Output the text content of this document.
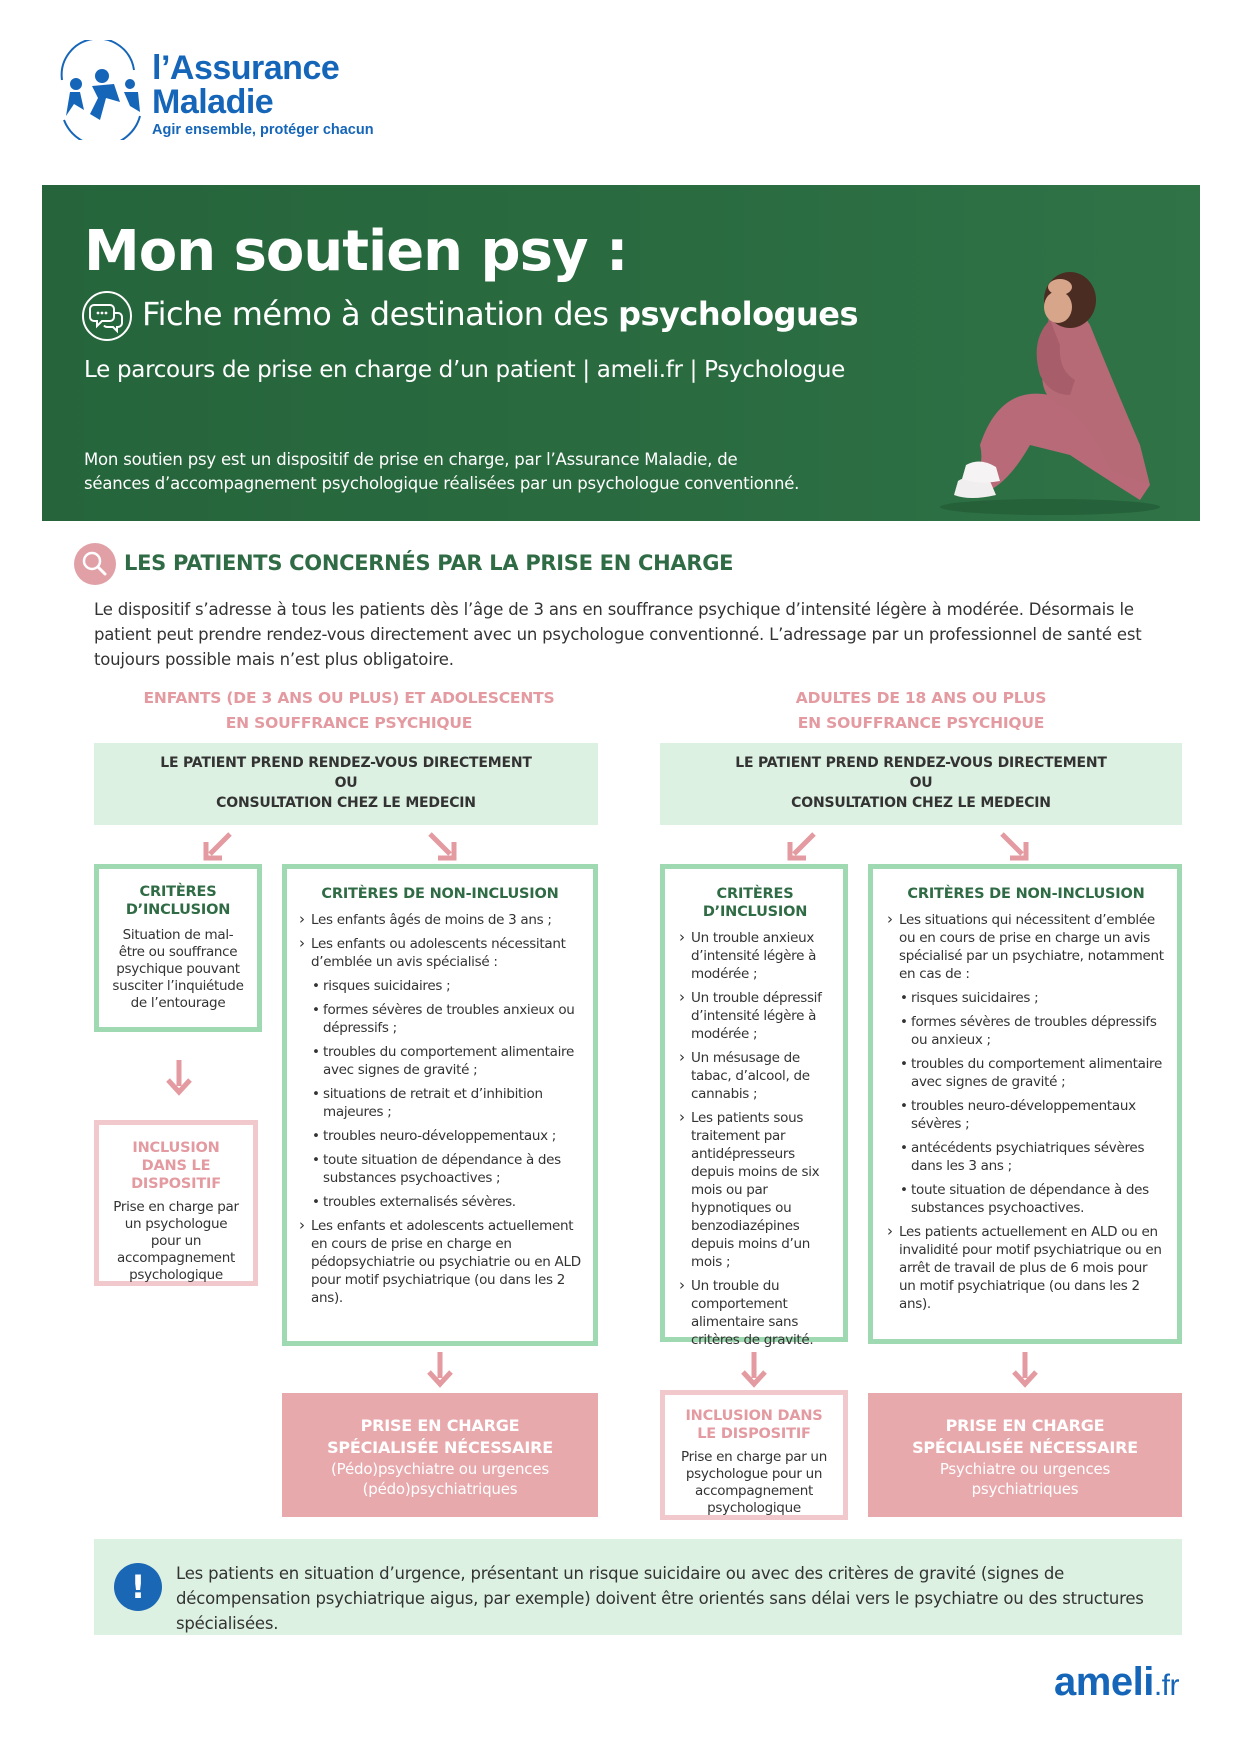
l’Assurance
Maladie
Agir ensemble, protéger chacun
Mon soutien psy :
Fiche mémo à destination des psychologues
Le parcours de prise en charge d’un patient | ameli.fr | Psychologue
Mon soutien psy est un dispositif de prise en charge, par l’Assurance Maladie, de séances d’accompagnement psychologique réalisées par un psychologue conventionné.
LES PATIENTS CONCERNÉS PAR LA PRISE EN CHARGE
Le dispositif s’adresse à tous les patients dès l’âge de 3 ans en souffrance psychique d’intensité légère à modérée. Désormais le patient peut prendre rendez-vous directement avec un psychologue conventionné. L’adressage par un professionnel de santé est toujours possible mais n’est plus obligatoire.
ENFANTS (DE 3 ANS OU PLUS) ET ADOLESCENTS
EN SOUFFRANCE PSYCHIQUE
ADULTES DE 18 ANS OU PLUS
EN SOUFFRANCE PSYCHIQUE
LE PATIENT PREND RENDEZ-VOUS DIRECTEMENT
OU
CONSULTATION CHEZ LE MEDECIN
LE PATIENT PREND RENDEZ-VOUS DIRECTEMENT
OU
CONSULTATION CHEZ LE MEDECIN
CRITÈRES D’INCLUSION
Situation de mal-être ou souffrance psychique pouvant susciter l’inquiétude de l’entourage
INCLUSION DANS LE DISPOSITIF
Prise en charge par un psychologue pour un accompagnement psychologique
CRITÈRES DE NON-INCLUSION
› Les enfants âgés de moins de 3 ans ;
› Les enfants ou adolescents nécessitant d’emblée un avis spécialisé :
• risques suicidaires ;
• formes sévères de troubles anxieux ou dépressifs ;
• troubles du comportement alimentaire avec signes de gravité ;
• situations de retrait et d’inhibition majeures ;
• troubles neuro-développementaux ;
• toute situation de dépendance à des substances psychoactives ;
• troubles externalisés sévères.
› Les enfants et adolescents actuellement en cours de prise en charge en pédopsychiatrie ou psychiatrie ou en ALD pour motif psychiatrique (ou dans les 2 ans).
PRISE EN CHARGE
SPÉCIALISÉE NÉCESSAIRE
(Pédo)psychiatre ou urgences (pédo)psychiatriques
CRITÈRES D’INCLUSION
› Un trouble anxieux d’intensité légère à modérée ;
› Un trouble dépressif d’intensité légère à modérée ;
› Un mésusage de tabac, d’alcool, de cannabis ;
› Les patients sous traitement par antidépresseurs depuis moins de six mois ou par hypnotiques ou benzodiazépines depuis moins d’un mois ;
› Un trouble du comportement alimentaire sans critères de gravité.
INCLUSION DANS LE DISPOSITIF
Prise en charge par un psychologue pour un accompagnement psychologique
CRITÈRES DE NON-INCLUSION
› Les situations qui nécessitent d’emblée ou en cours de prise en charge un avis spécialisé par un psychiatre, notamment en cas de :
• risques suicidaires ;
• formes sévères de troubles dépressifs ou anxieux ;
• troubles du comportement alimentaire avec signes de gravité ;
• troubles neuro-développementaux sévères ;
• antécédents psychiatriques sévères dans les 3 ans ;
• toute situation de dépendance à des substances psychoactives.
› Les patients actuellement en ALD ou en invalidité pour motif psychiatrique ou en arrêt de travail de plus de 6 mois pour un motif psychiatrique (ou dans les 2 ans).
PRISE EN CHARGE
SPÉCIALISÉE NÉCESSAIRE
Psychiatre ou urgences psychiatriques
!	Les patients en situation d’urgence, présentant un risque suicidaire ou avec des critères de gravité (signes de décompensation psychiatrique aigus, par exemple) doivent être orientés sans délai vers le psychiatre ou des structures spécialisées.
ameli.fr
